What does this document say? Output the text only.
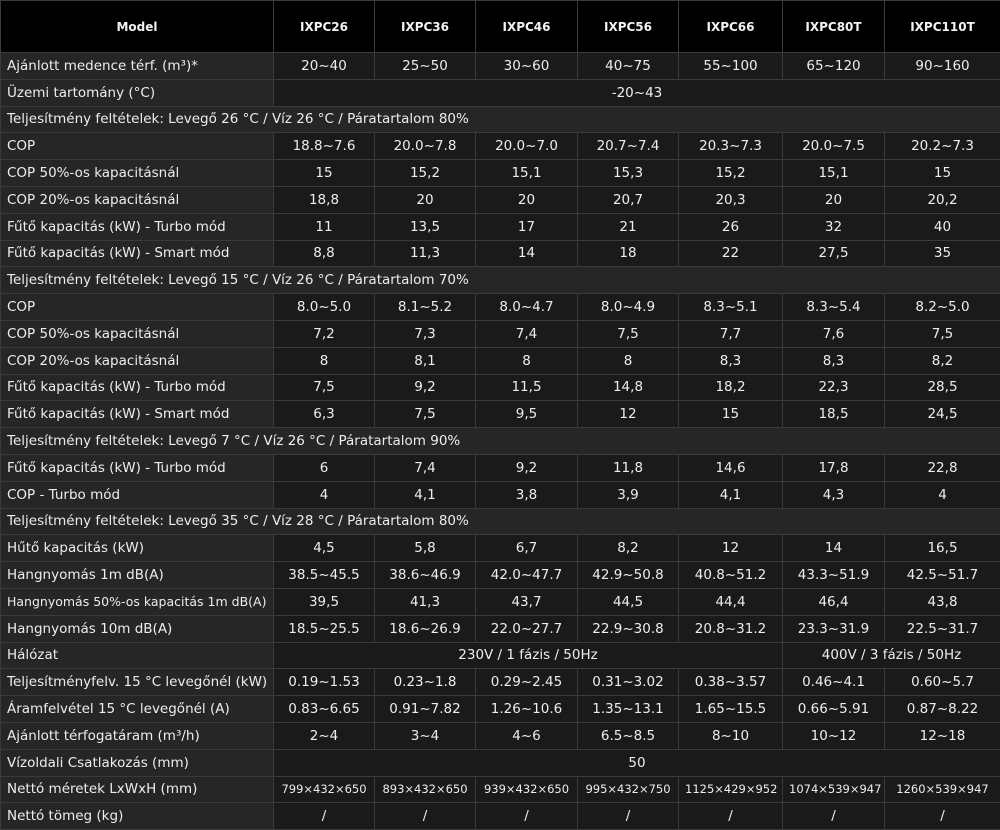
Model	IXPC26	IXPC36	IXPC46	IXPC56	IXPC66	IXPC80T	IXPC110T
Ajánlott medence térf. (m³)*	20~40	25~50	30~60	40~75	55~100	65~120	90~160
Üzemi tartomány (°C)	-20~43						
Teljesítmény feltételek: Levegő 26 °C / Víz 26 °C / Páratartalom 80%							
COP	18.8~7.6	20.0~7.8	20.0~7.0	20.7~7.4	20.3~7.3	20.0~7.5	20.2~7.3
COP 50%-os kapacitásnál	15	15,2	15,1	15,3	15,2	15,1	15
COP 20%-os kapacitásnál	18,8	20	20	20,7	20,3	20	20,2
Fűtő kapacitás (kW) - Turbo mód	11	13,5	17	21	26	32	40
Fűtő kapacitás (kW) - Smart mód	8,8	11,3	14	18	22	27,5	35
Teljesítmény feltételek: Levegő 15 °C / Víz 26 °C / Páratartalom 70%							
COP	8.0~5.0	8.1~5.2	8.0~4.7	8.0~4.9	8.3~5.1	8.3~5.4	8.2~5.0
COP 50%-os kapacitásnál	7,2	7,3	7,4	7,5	7,7	7,6	7,5
COP 20%-os kapacitásnál	8	8,1	8	8	8,3	8,3	8,2
Fűtő kapacitás (kW) - Turbo mód	7,5	9,2	11,5	14,8	18,2	22,3	28,5
Fűtő kapacitás (kW) - Smart mód	6,3	7,5	9,5	12	15	18,5	24,5
Teljesítmény feltételek: Levegő 7 °C / Víz 26 °C / Páratartalom 90%							
Fűtő kapacitás (kW) - Turbo mód	6	7,4	9,2	11,8	14,6	17,8	22,8
COP - Turbo mód	4	4,1	3,8	3,9	4,1	4,3	4
Teljesítmény feltételek: Levegő 35 °C / Víz 28 °C / Páratartalom 80%							
Hűtő kapacitás (kW)	4,5	5,8	6,7	8,2	12	14	16,5
Hangnyomás 1m dB(A)	38.5~45.5	38.6~46.9	42.0~47.7	42.9~50.8	40.8~51.2	43.3~51.9	42.5~51.7
Hangnyomás 50%-os kapacitás 1m dB(A)	39,5	41,3	43,7	44,5	44,4	46,4	43,8
Hangnyomás 10m dB(A)	18.5~25.5	18.6~26.9	22.0~27.7	22.9~30.8	20.8~31.2	23.3~31.9	22.5~31.7
Hálózat	230V / 1 fázis / 50Hz					400V / 3 fázis / 50Hz	
Teljesítményfelv. 15 °C levegőnél (kW)	0.19~1.53	0.23~1.8	0.29~2.45	0.31~3.02	0.38~3.57	0.46~4.1	0.60~5.7
Áramfelvétel 15 °C levegőnél (A)	0.83~6.65	0.91~7.82	1.26~10.6	1.35~13.1	1.65~15.5	0.66~5.91	0.87~8.22
Ajánlott térfogatáram (m³/h)	2~4	3~4	4~6	6.5~8.5	8~10	10~12	12~18
Vízoldali Csatlakozás (mm)	50						
Nettó méretek LxWxH (mm)	799×432×650	893×432×650	939×432×650	995×432×750	1125×429×952	1074×539×947	1260×539×947
Nettó tömeg (kg)	/	/	/	/	/	/	/
